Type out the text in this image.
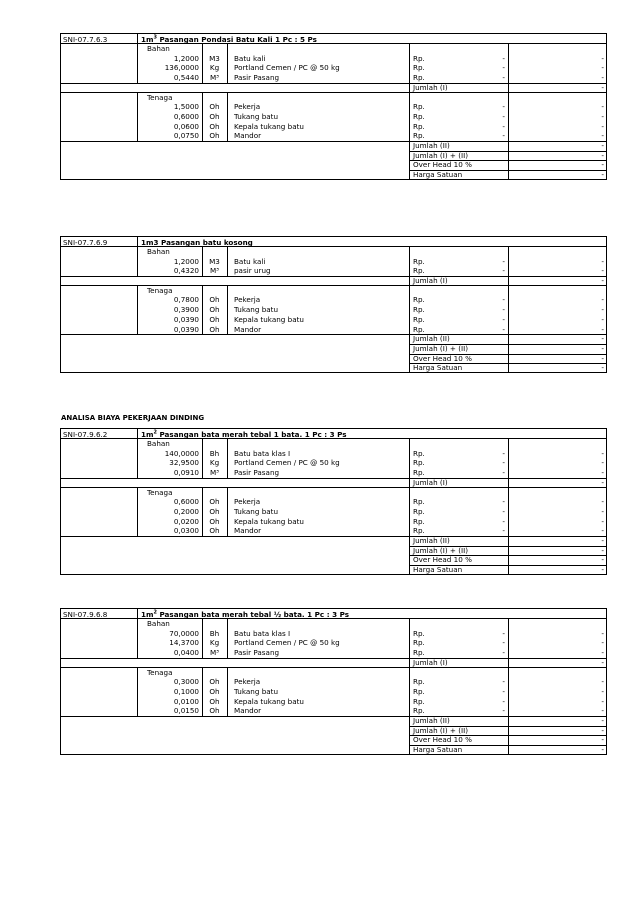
SNI-07.7.6.3	$1m^3$ Pasangan Pondasi Batu Kali 1 Pc : 5 Ps
Bahan
1,2000	M3	Batu kali	Rp.	-	-
136,0000	Kg	Portland Cemen / PC @ 50 kg	Rp.	-	-
0,5440	M³	Pasir Pasang	Rp.	-	-
Jumlah (I)	-
Tenaga
1,5000	Oh	Pekerja	Rp.	-	-
0,6000	Oh	Tukang batu	Rp.	-	-
0,0600	Oh	Kepala tukang batu	Rp.	-	-
0,0750	Oh	Mandor	Rp.	-	-
Jumlah (II)	-
Jumlah (I) + (II)	-
Over Head 10 %	-
Harga Satuan	-
SNI-07.7.6.9	1m3 Pasangan batu kosong
Bahan
1,2000	M3	Batu kali	Rp.	-	-
0,4320	M³	pasir urug	Rp.	-	-
Jumlah (I)	-
Tenaga
0,7800	Oh	Pekerja	Rp.	-	-
0,3900	Oh	Tukang batu	Rp.	-	-
0,0390	Oh	Kepala tukang batu	Rp.	-	-
0,0390	Oh	Mandor	Rp.	-	-
Jumlah (II)	-
Jumlah (I) + (II)	-
Over Head 10 %	-
Harga Satuan	-
ANALISA BIAYA PEKERJAAN DINDING
SNI-07.9.6.2	$1m^2$ Pasangan bata merah tebal 1 bata. 1 Pc : 3 Ps
Bahan
140,0000	Bh	Batu bata klas I	Rp.	-	-
32,9500	Kg	Portland Cemen / PC @ 50 kg	Rp.	-	-
0,0910	M³	Pasir Pasang	Rp.	-	-
Jumlah (I)	-
Tenaga
0,6000	Oh	Pekerja	Rp.	-	-
0,2000	Oh	Tukang batu	Rp.	-	-
0,0200	Oh	Kepala tukang batu	Rp.	-	-
0,0300	Oh	Mandor	Rp.	-	-
Jumlah (II)	-
Jumlah (I) + (II)	-
Over Head 10 %	-
Harga Satuan	-
SNI-07.9.6.8	$1m^2$ Pasangan bata merah tebal ½ bata. 1 Pc : 3 Ps
Bahan
70,0000	Bh	Batu bata klas I	Rp.	-	-
14,3700	Kg	Portland Cemen / PC @ 50 kg	Rp.	-	-
0,0400	M³	Pasir Pasang	Rp.	-	-
Jumlah (I)	-
Tenaga
0,3000	Oh	Pekerja	Rp.	-	-
0,1000	Oh	Tukang batu	Rp.	-	-
0,0100	Oh	Kepala tukang batu	Rp.	-	-
0,0150	Oh	Mandor	Rp.	-	-
Jumlah (II)	-
Jumlah (I) + (II)	-
Over Head 10 %	-
Harga Satuan	-
